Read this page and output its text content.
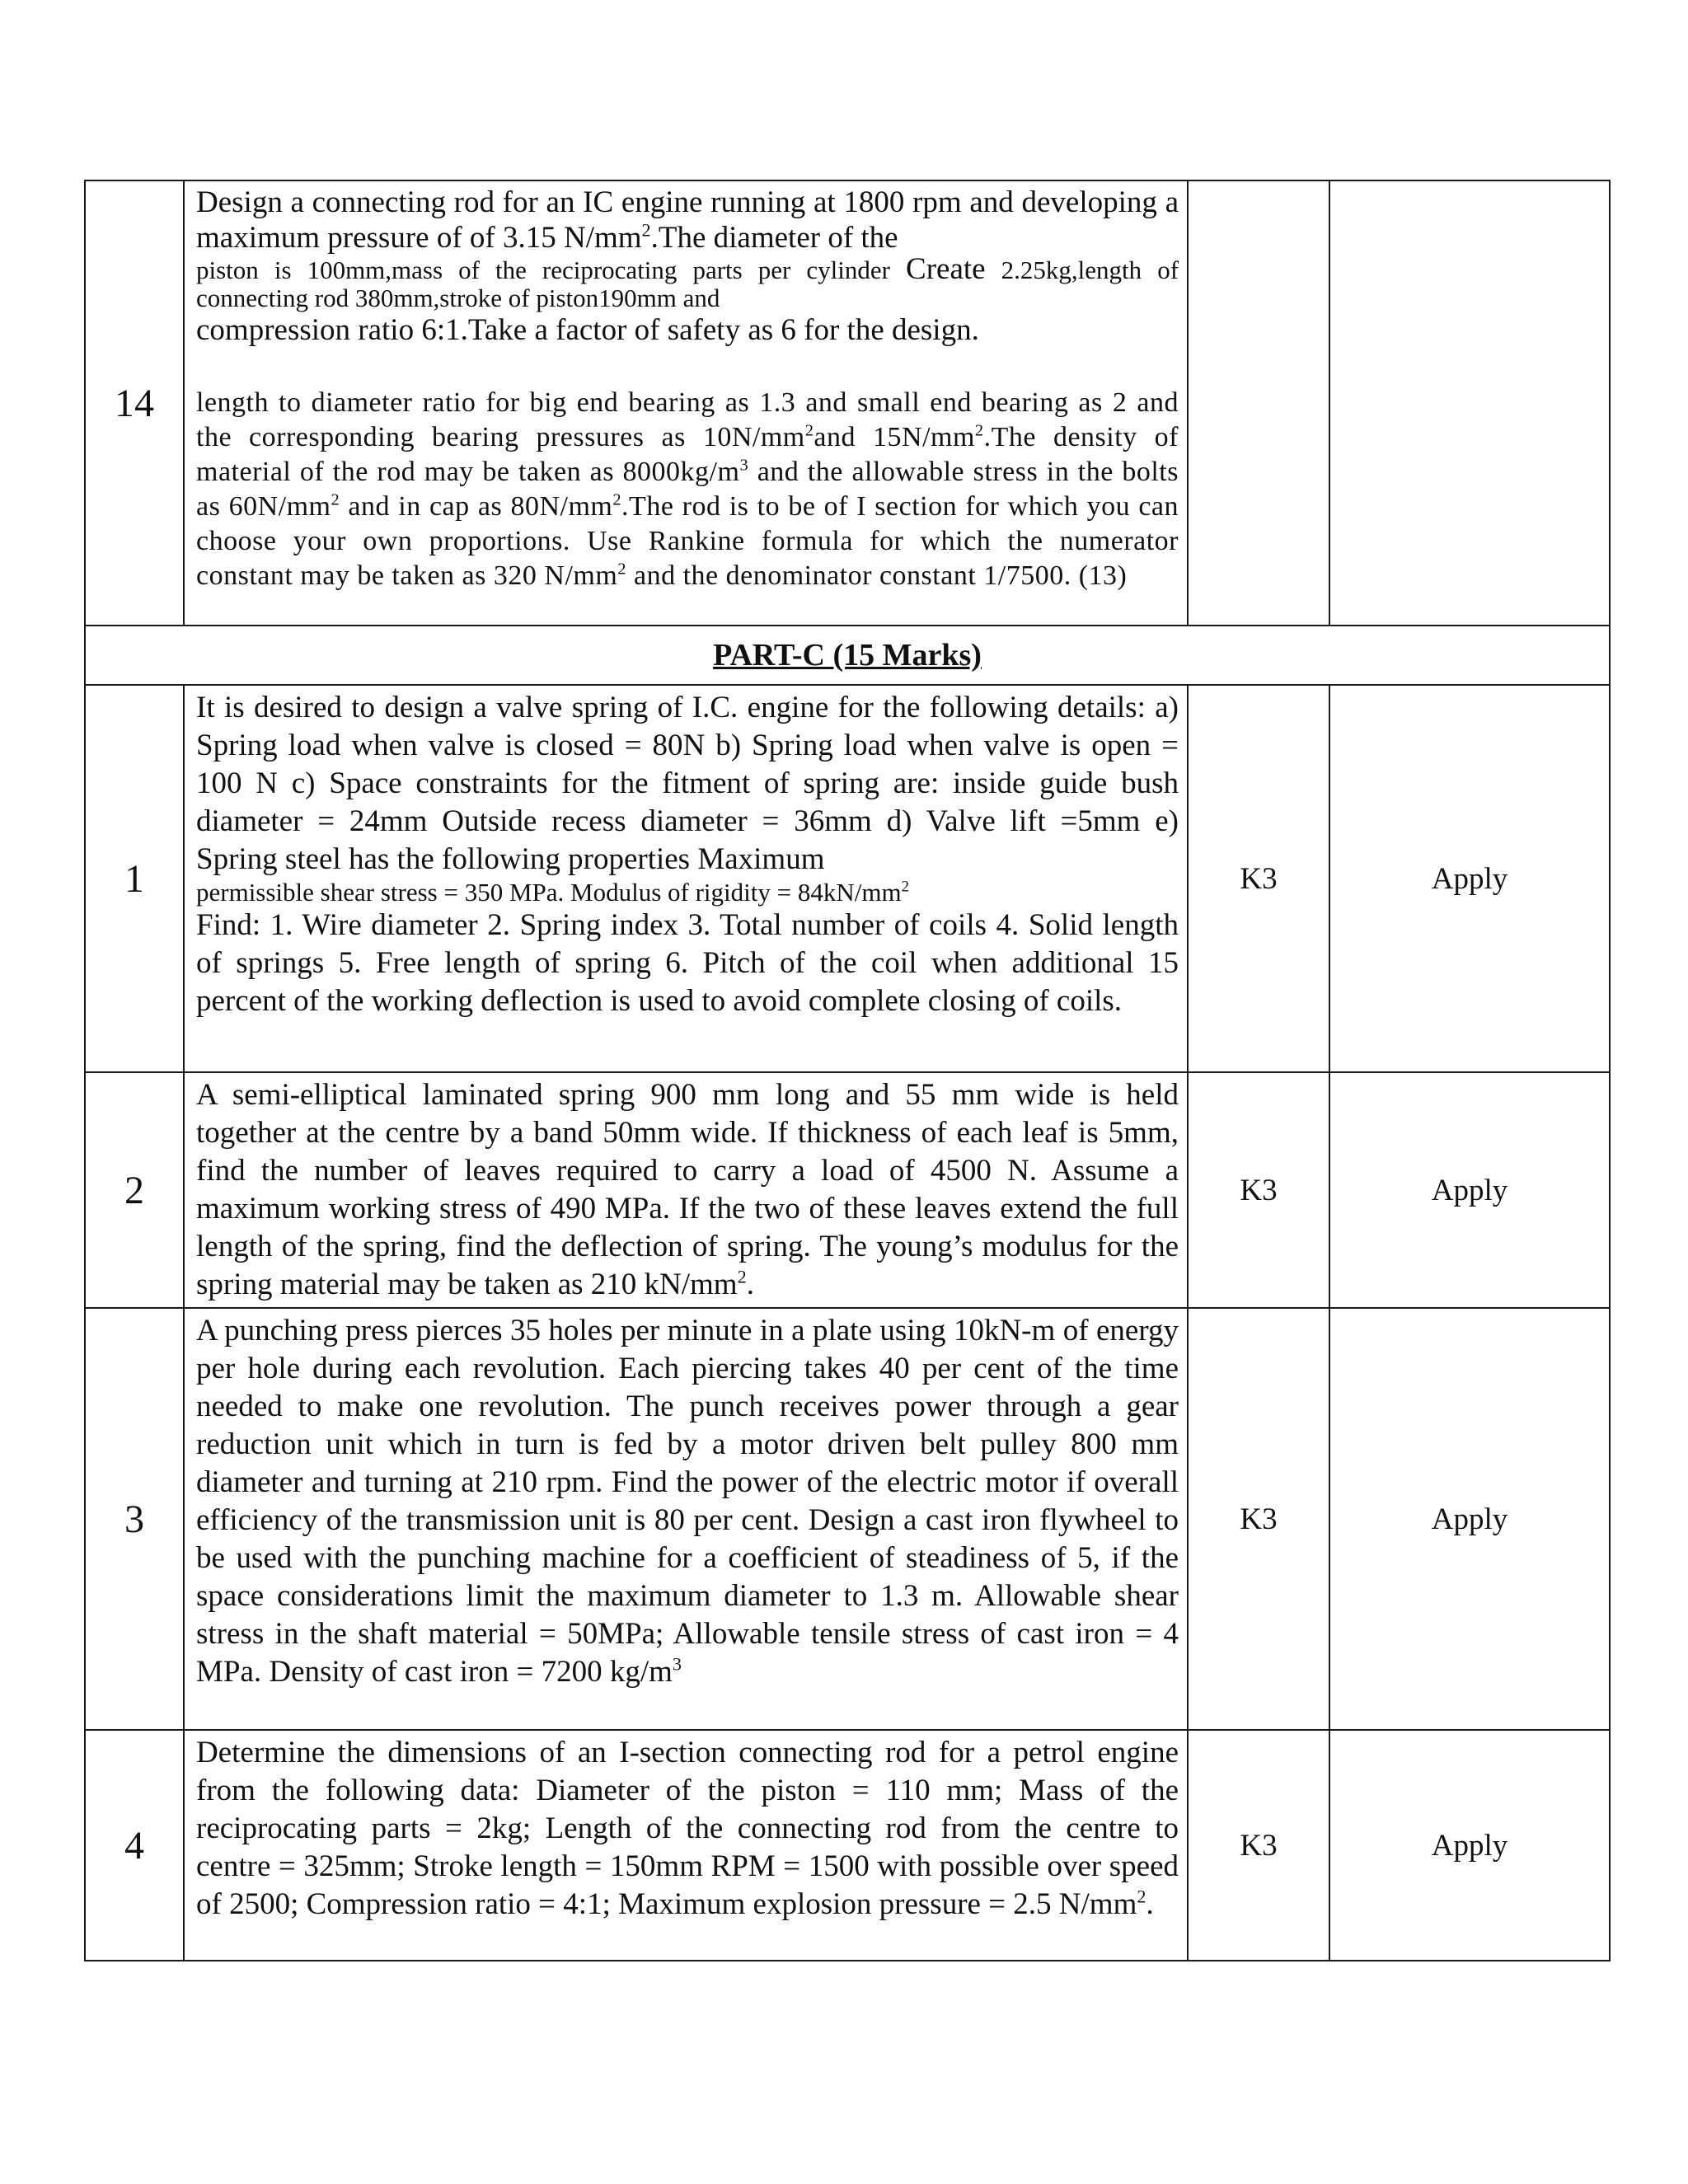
14	Design a connecting rod for an IC engine running at 1800 rpm and developing a maximum pressure of of 3.15 $N/mm^2.The$ diameter of the

piston is 100mm,mass of the reciprocating parts per cylinder Create 2.25kg,length of connecting rod 380mm,stroke of piston190mm and

compression ratio 6:1.Take a factor of safety as 6 for the design.

length to diameter ratio for big end bearing as 1.3 and small end bearing as 2 and the corresponding bearing pressures as $10N/mm^2and$ $15N/mm^2.The$ density of material of the rod may be taken as $8000kg/m^3$ and the allowable stress in the bolts as $60N/mm^2$ and in cap as $80N/mm^2.The$ rod is to be of I section for which you can choose your own proportions. Use Rankine formula for which the numerator constant may be taken as 320 $N/mm^2$ and the denominator constant 1/7500. (13)		

PART-C (15 Marks)			
1	It is desired to design a valve spring of I.C. engine for the following details: a) Spring load when valve is closed = 80N b) Spring load when valve is open = 100 N c) Space constraints for the fitment of spring are: inside guide bush diameter = 24mm Outside recess diameter = 36mm d) Valve lift =5mm e) Spring steel has the following properties Maximum

permissible shear stress = 350 MPa. Modulus of rigidity = $84kN/mm^2$

Find: 1. Wire diameter 2. Spring index 3. Total number of coils 4. Solid length of springs 5. Free length of spring 6. Pitch of the coil when additional 15 percent of the working deflection is used to avoid complete closing of coils.	K3	Apply
2	A semi-elliptical laminated spring 900 mm long and 55 mm wide is held together at the centre by a band 50mm wide. If thickness of each leaf is 5mm, find the number of leaves required to carry a load of 4500 N. Assume a maximum working stress of 490 MPa. If the two of these leaves extend the full length of the spring, find the deflection of spring. The young’s modulus for the spring material may be taken as 210 $kN/mm^2$.	K3	Apply
3	A punching press pierces 35 holes per minute in a plate using 10kN-m of energy per hole during each revolution. Each piercing takes 40 per cent of the time needed to make one revolution. The punch receives power through a gear reduction unit which in turn is fed by a motor driven belt pulley 800 mm diameter and turning at 210 rpm. Find the power of the electric motor if overall efficiency of the transmission unit is 80 per cent. Design a cast iron flywheel to be used with the punching machine for a coefficient of steadiness of 5, if the space considerations limit the maximum diameter to 1.3 m. Allowable shear stress in the shaft material = 50MPa; Allowable tensile stress of cast iron = 4 MPa. Density of cast iron = 7200 $kg/m^3$	K3	Apply
4	Determine the dimensions of an I-section connecting rod for a petrol engine from the following data: Diameter of the piston = 110 mm; Mass of the reciprocating parts = 2kg; Length of the connecting rod from the centre to centre = 325mm; Stroke length = 150mm RPM = 1500 with possible over speed of 2500; Compression ratio = 4:1; Maximum explosion pressure = 2.5 $N/mm^2$.	K3	Apply
